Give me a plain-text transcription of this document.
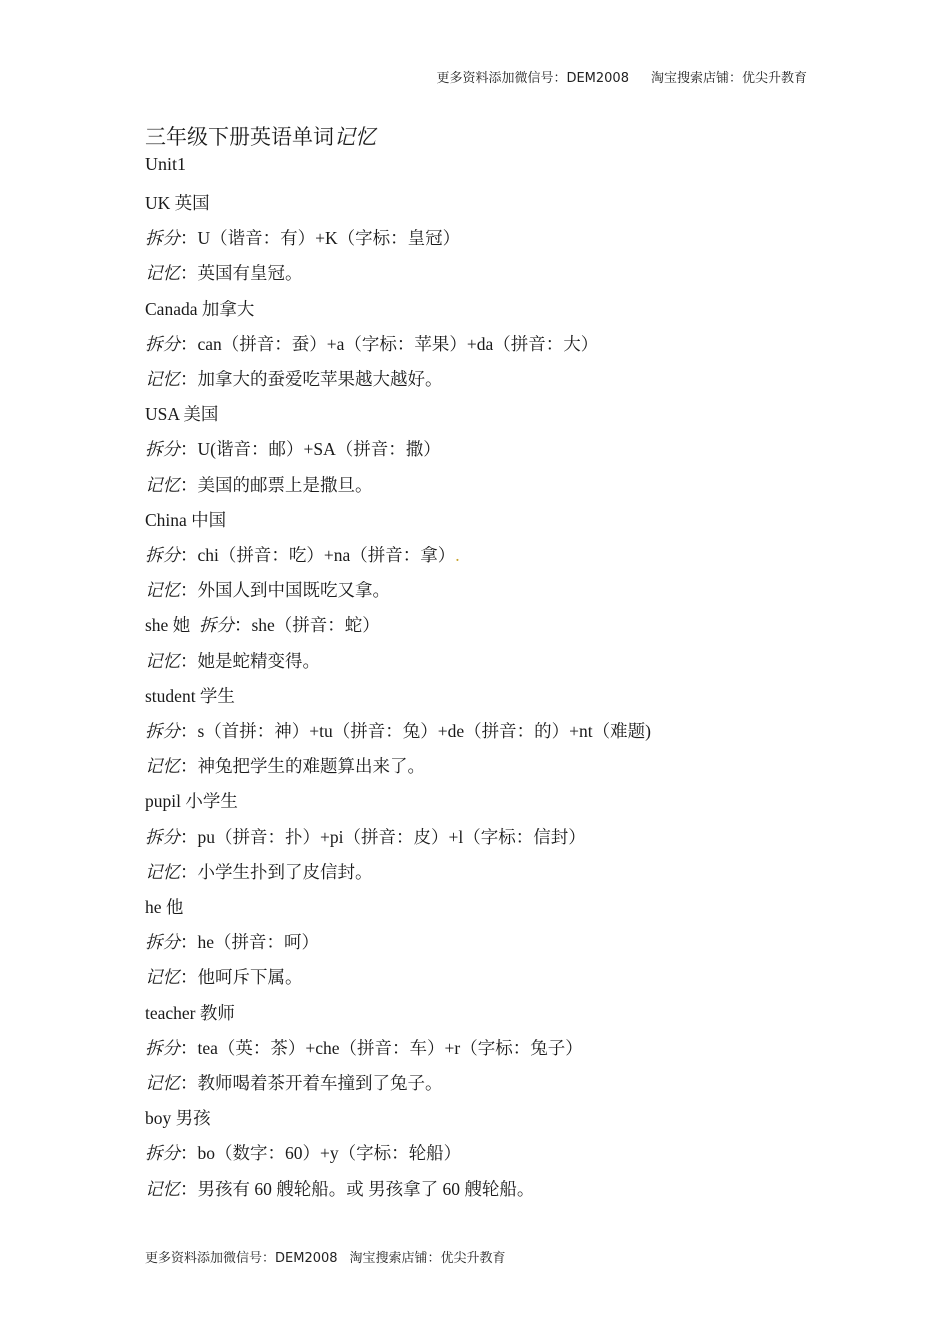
更多资料添加微信号：DEM2008 淘宝搜索店铺：优尖升教育
三年级下册英语单词记忆
Unit1
UK 英国
拆分：U（谐音：有）+K（字标：皇冠）
记忆：英国有皇冠。
Canada 加拿大
拆分：can（拼音：蚕）+a（字标：苹果）+da（拼音：大）
记忆：加拿大的蚕爱吃苹果越大越好。
USA 美国
拆分：U(谐音：邮）+SA（拼音：撒）
记忆：美国的邮票上是撒旦。
China 中国
拆分：chi（拼音：吃）+na（拼音：拿）.
记忆：外国人到中国既吃又拿。
she 她 拆分：she（拼音：蛇）
记忆：她是蛇精变得。
student 学生
拆分：s（首拼：神）+tu（拼音：兔）+de（拼音：的）+nt（难题)
记忆：神兔把学生的难题算出来了。
pupil 小学生
拆分：pu（拼音：扑）+pi（拼音：皮）+l（字标：信封）
记忆：小学生扑到了皮信封。
he 他
拆分：he（拼音：呵）
记忆：他呵斥下属。
teacher 教师
拆分：tea（英：茶）+che（拼音：车）+r（字标：兔子）
记忆：教师喝着茶开着车撞到了兔子。
boy 男孩
拆分：bo（数字：60）+y（字标：轮船）
记忆：男孩有 60 艘轮船。或 男孩拿了 60 艘轮船。
更多资料添加微信号：DEM2008 淘宝搜索店铺：优尖升教育
